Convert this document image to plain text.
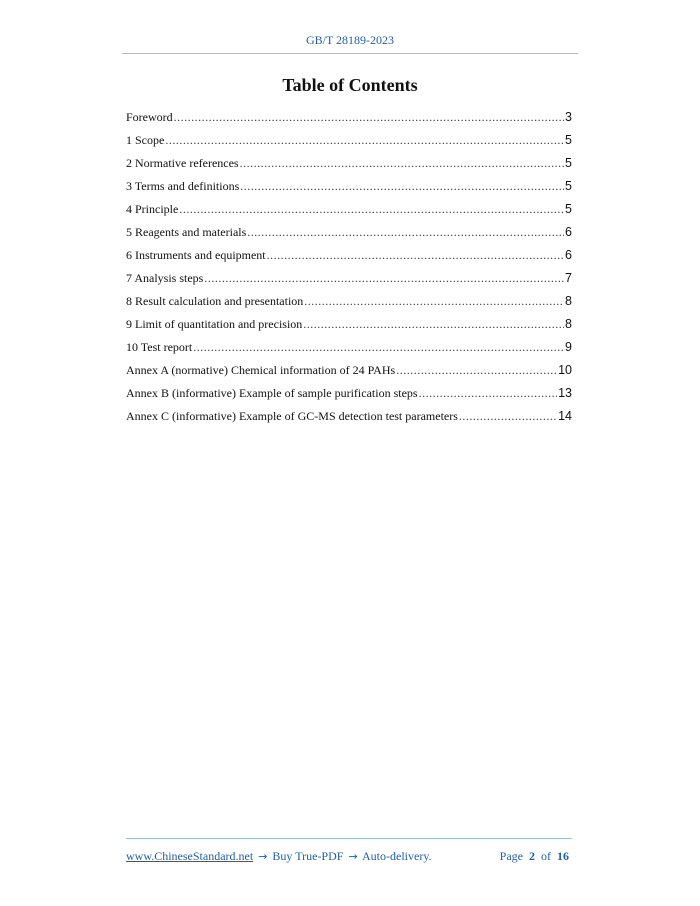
GB/T 28189-2023
Table of Contents
Foreword .....	3
1 Scope .....	5
2 Normative references .....	5
3 Terms and definitions .....	5
4 Principle .....	5
5 Reagents and materials .....	6
6 Instruments and equipment .....	6
7 Analysis steps .....	7
8 Result calculation and presentation .....	8
9 Limit of quantitation and precision .....	8
10 Test report .....	9
Annex A (normative) Chemical information of 24 PAHs .....	10
Annex B (informative) Example of sample purification steps .....	13
Annex C (informative) Example of GC-MS detection test parameters .....	14
www.ChineseStandard.net → Buy True-PDF → Auto-delivery.	Page 2 of 16
